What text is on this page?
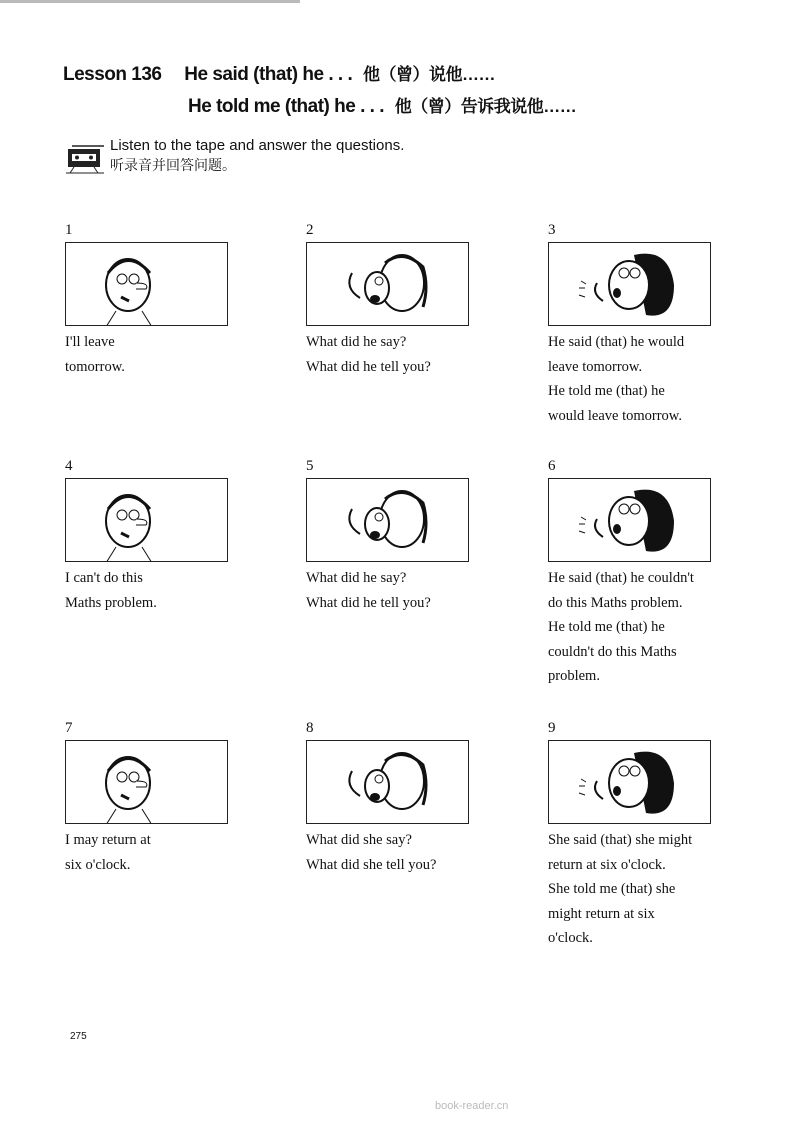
Lesson 136 He said (that) he . . . 他（曾）说他……
He told me (that) he . . . 他（曾）告诉我说他……
Listen to the tape and answer the questions.
听录音并回答问题。
1
I'll leave
tomorrow.
2
What did he say?
What did he tell you?
3
He said (that) he would
leave tomorrow.
He told me (that) he
would leave tomorrow.
4
I can't do this
Maths problem.
5
What did he say?
What did he tell you?
6
He said (that) he couldn't
do this Maths problem.
He told me (that) he
couldn't do this Maths
problem.
7
I may return at
six o'clock.
8
What did she say?
What did she tell you?
9
She said (that) she might
return at six o'clock.
She told me (that) she
might return at six
o'clock.
275
book-reader.cn
